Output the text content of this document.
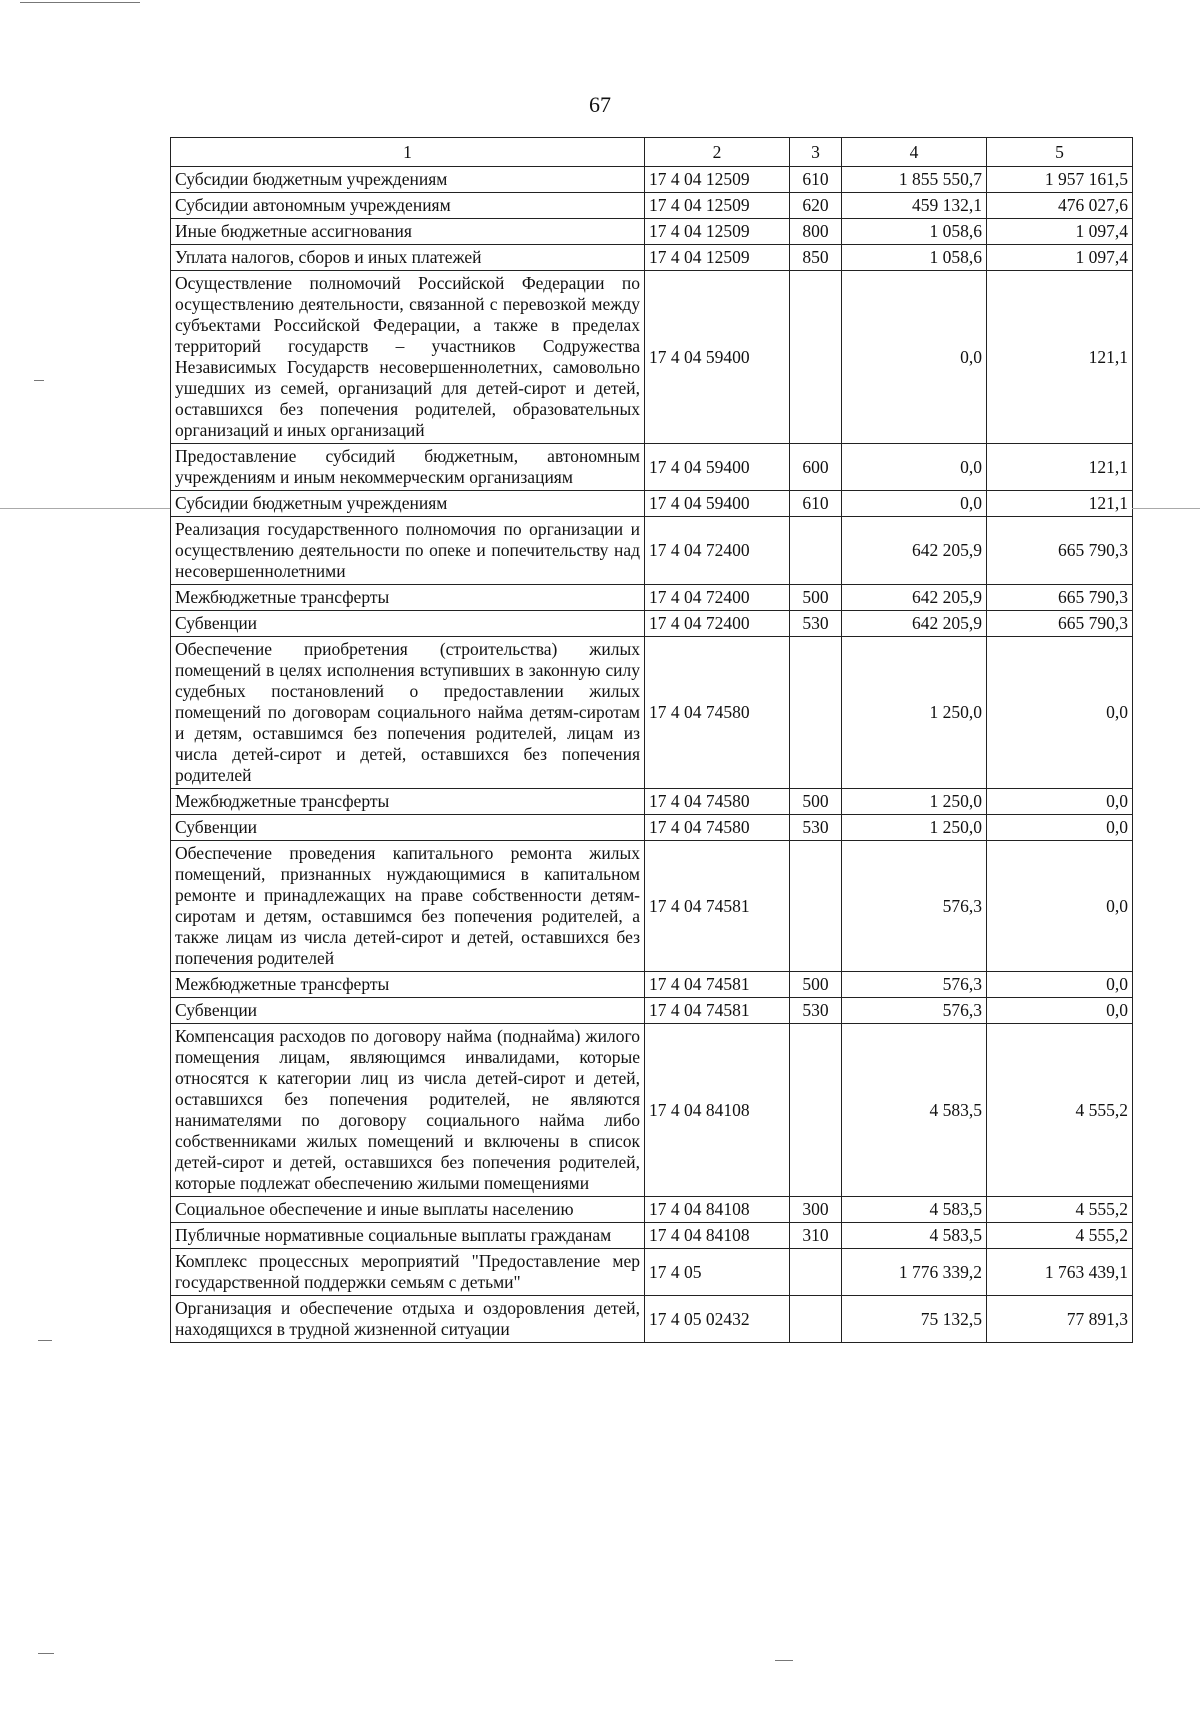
67
1	2	3	4	5
Субсидии бюджетным учреждениям	17 4 04 12509	610	1 855 550,7	1 957 161,5
Субсидии автономным учреждениям	17 4 04 12509	620	459 132,1	476 027,6
Иные бюджетные ассигнования	17 4 04 12509	800	1 058,6	1 097,4
Уплата налогов, сборов и иных платежей	17 4 04 12509	850	1 058,6	1 097,4
Осуществление полномочий Российской Федерации по осуществлению деятельности, связанной с перевозкой между субъектами Российской Федерации, а также в пределах территорий государств – участников Содружества Независимых Государств несовершеннолетних, самовольно ушедших из семей, организаций для детей-сирот и детей, оставшихся без попечения родителей, образовательных организаций и иных организаций	17 4 04 59400		0,0	121,1
Предоставление субсидий бюджетным, автономным учреждениям и иным некоммерческим организациям	17 4 04 59400	600	0,0	121,1
Субсидии бюджетным учреждениям	17 4 04 59400	610	0,0	121,1
Реализация государственного полномочия по организации и осуществлению деятельности по опеке и попечительству над несовершеннолетними	17 4 04 72400		642 205,9	665 790,3
Межбюджетные трансферты	17 4 04 72400	500	642 205,9	665 790,3
Субвенции	17 4 04 72400	530	642 205,9	665 790,3
Обеспечение приобретения (строительства) жилых помещений в целях исполнения вступивших в законную силу судебных постановлений о предоставлении жилых помещений по договорам социального найма детям-сиротам и детям, оставшимся без попечения родителей, лицам из числа детей-сирот и детей, оставшихся без попечения родителей	17 4 04 74580		1 250,0	0,0
Межбюджетные трансферты	17 4 04 74580	500	1 250,0	0,0
Субвенции	17 4 04 74580	530	1 250,0	0,0
Обеспечение проведения капитального ремонта жилых помещений, признанных нуждающимися в капитальном ремонте и принадлежащих на праве собственности детям-сиротам и детям, оставшимся без попечения родителей, а также лицам из числа детей-сирот и детей, оставшихся без попечения родителей	17 4 04 74581		576,3	0,0
Межбюджетные трансферты	17 4 04 74581	500	576,3	0,0
Субвенции	17 4 04 74581	530	576,3	0,0
Компенсация расходов по договору найма (поднайма) жилого помещения лицам, являющимся инвалидами, которые относятся к категории лиц из числа детей-сирот и детей, оставшихся без попечения родителей, не являются нанимателями по договору социального найма либо собственниками жилых помещений и включены в список детей-сирот и детей, оставшихся без попечения родителей, которые подлежат обеспечению жилыми помещениями	17 4 04 84108		4 583,5	4 555,2
Социальное обеспечение и иные выплаты населению	17 4 04 84108	300	4 583,5	4 555,2
Публичные нормативные социальные выплаты гражданам	17 4 04 84108	310	4 583,5	4 555,2
Комплекс процессных мероприятий "Предоставление мер государственной поддержки семьям с детьми"	17 4 05		1 776 339,2	1 763 439,1
Организация и обеспечение отдыха и оздоровления детей, находящихся в трудной жизненной ситуации	17 4 05 02432		75 132,5	77 891,3
